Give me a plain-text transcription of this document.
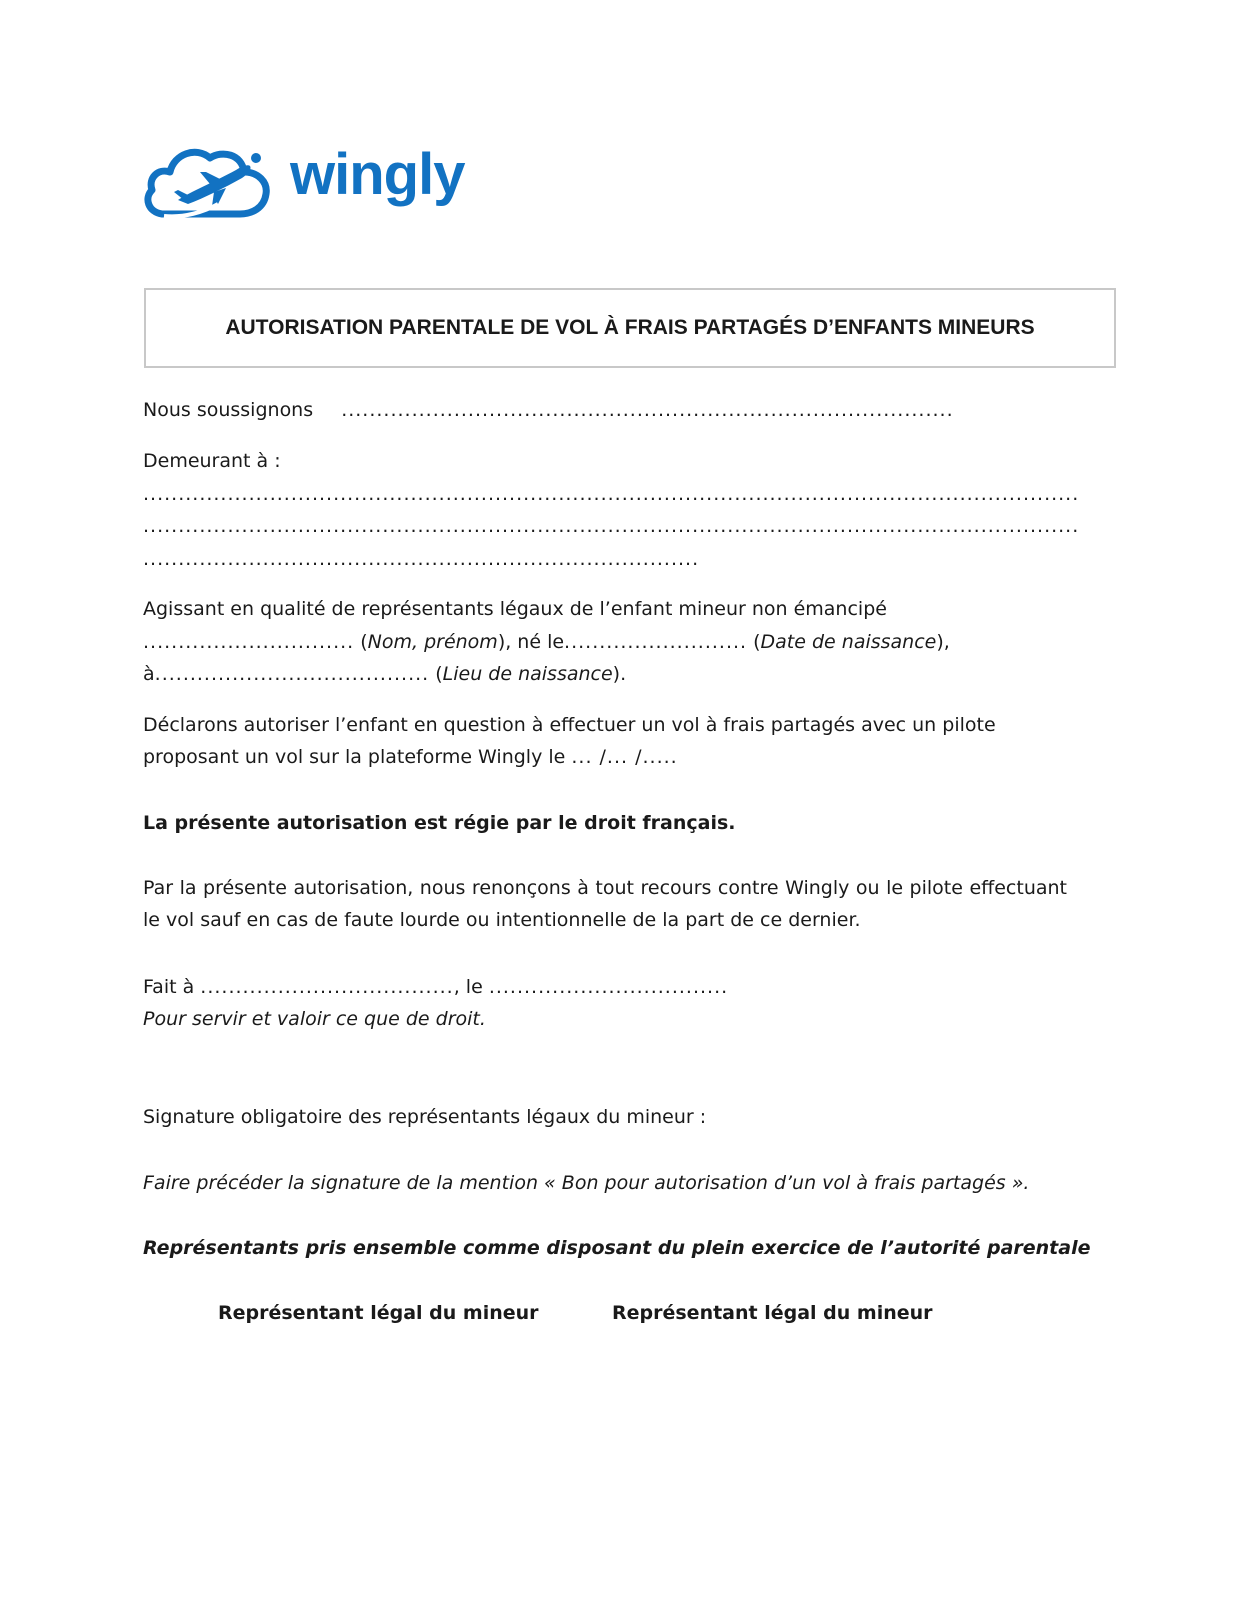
wingly
AUTORISATION PARENTALE DE VOL À FRAIS PARTAGÉS D’ENFANTS MINEURS
Nous soussignons .......................................................................................
Demeurant à :
.....................................................................................................................................
.....................................................................................................................................
...............................................................................
Agissant en qualité de représentants légaux de l’enfant mineur non émancipé
.............................. (Nom, prénom), né le.......................... (Date de naissance),
à....................................... (Lieu de naissance).
Déclarons autoriser l’enfant en question à effectuer un vol à frais partagés avec un pilote
proposant un vol sur la plateforme Wingly le ... /... /.....
La présente autorisation est régie par le droit français.
Par la présente autorisation, nous renonçons à tout recours contre Wingly ou le pilote effectuant le vol sauf en cas de faute lourde ou intentionnelle de la part de ce dernier.
Fait à ...................................., le ..................................
Pour servir et valoir ce que de droit.
Signature obligatoire des représentants légaux du mineur :
Faire précéder la signature de la mention « Bon pour autorisation d’un vol à frais partagés ».
Représentants pris ensemble comme disposant du plein exercice de l’autorité parentale
Représentant légal du mineur	Représentant légal du mineur
